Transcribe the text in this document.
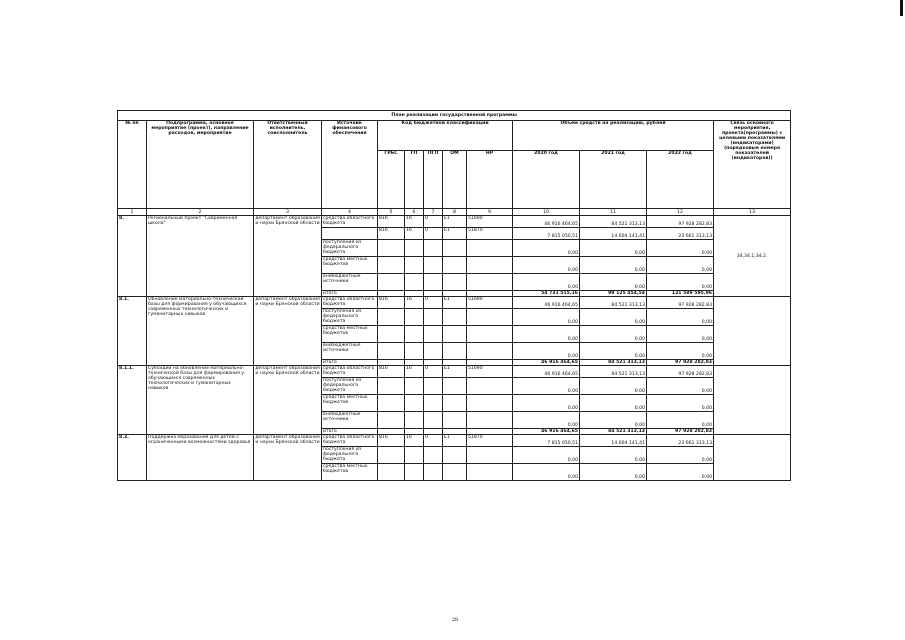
План реализации государственной программы												
№ пп	Подпрограмма, основное мероприятие (проект), направление расходов, мероприятие	Ответственный исполнитель, соисполнитель	Источник финансового обеспечения	Код бюджетной классификации					Объём средств на реализацию, рублей			Связь основного мероприятия, проекта(программы) с целевыми показателями (индикаторами) (порядковые номера показателей (индикаторов))
				ГРБС	ГП	ПГП	ОМ	НР	2020 год	2021 год	2022 год	
1	2	3	4	5	6	7	8	9	10	11	12	13
8.	Региональный проект "Современная школа"	департамент образования и науки Брянской области	средства областного бюджета	816	16	0	E1	51690	46 916 464,65	84 521 313,13	97 928 282,83	34,34.1,34.2.
				816	16	0	E1	51870	7 815 050,51	14 604 141,41	23 661 313,13	
			поступления из федерального бюджета						0,00	0,00	0,00	
			средства местных бюджетов						0,00	0,00	0,00	
			внебюджетные источники						0,00	0,00	0,00	
			итого						54 731 515,16	99 125 454,54	121 589 595,96	
8.1.	Обновление материально-технической базы для формирования у обучающихся современных технологических и гуманитарных навыков	департамент образования и науки Брянской области	средства областного бюджета	816	16	0	E1	51690	46 916 464,65	84 521 313,13	97 928 282,83	
			поступления из федерального бюджета						0,00	0,00	0,00	
			средства местных бюджетов						0,00	0,00	0,00	
			внебюджетные источники						0,00	0,00	0,00	
			итого						46 916 464,65	84 521 313,13	97 928 282,83	
8.1.1.	Субсидии на обновление материально-технической базы для формирования у обучающихся современных технологических и гуманитарных навыков	департамент образования и науки Брянской области	средства областного бюджета	816	16	0	E1	51690	46 916 464,65	84 521 313,13	97 928 282,83	
			поступления из федерального бюджета						0,00	0,00	0,00	
			средства местных бюджетов						0,00	0,00	0,00	
			внебюджетные источники						0,00	0,00	0,00	
			итого						46 916 464,65	84 521 313,13	97 928 282,83	
8.2.	Поддержка образования для детей с ограниченными возможностями здоровья	департамент образования и науки Брянской области	средства областного бюджета	816	16	0	E1	51870	7 815 050,51	14 604 141,41	23 661 313,13	
			поступления из федерального бюджета						0,00	0,00	0,00	
			средства местных бюджетов						0,00	0,00	0,00	
28
